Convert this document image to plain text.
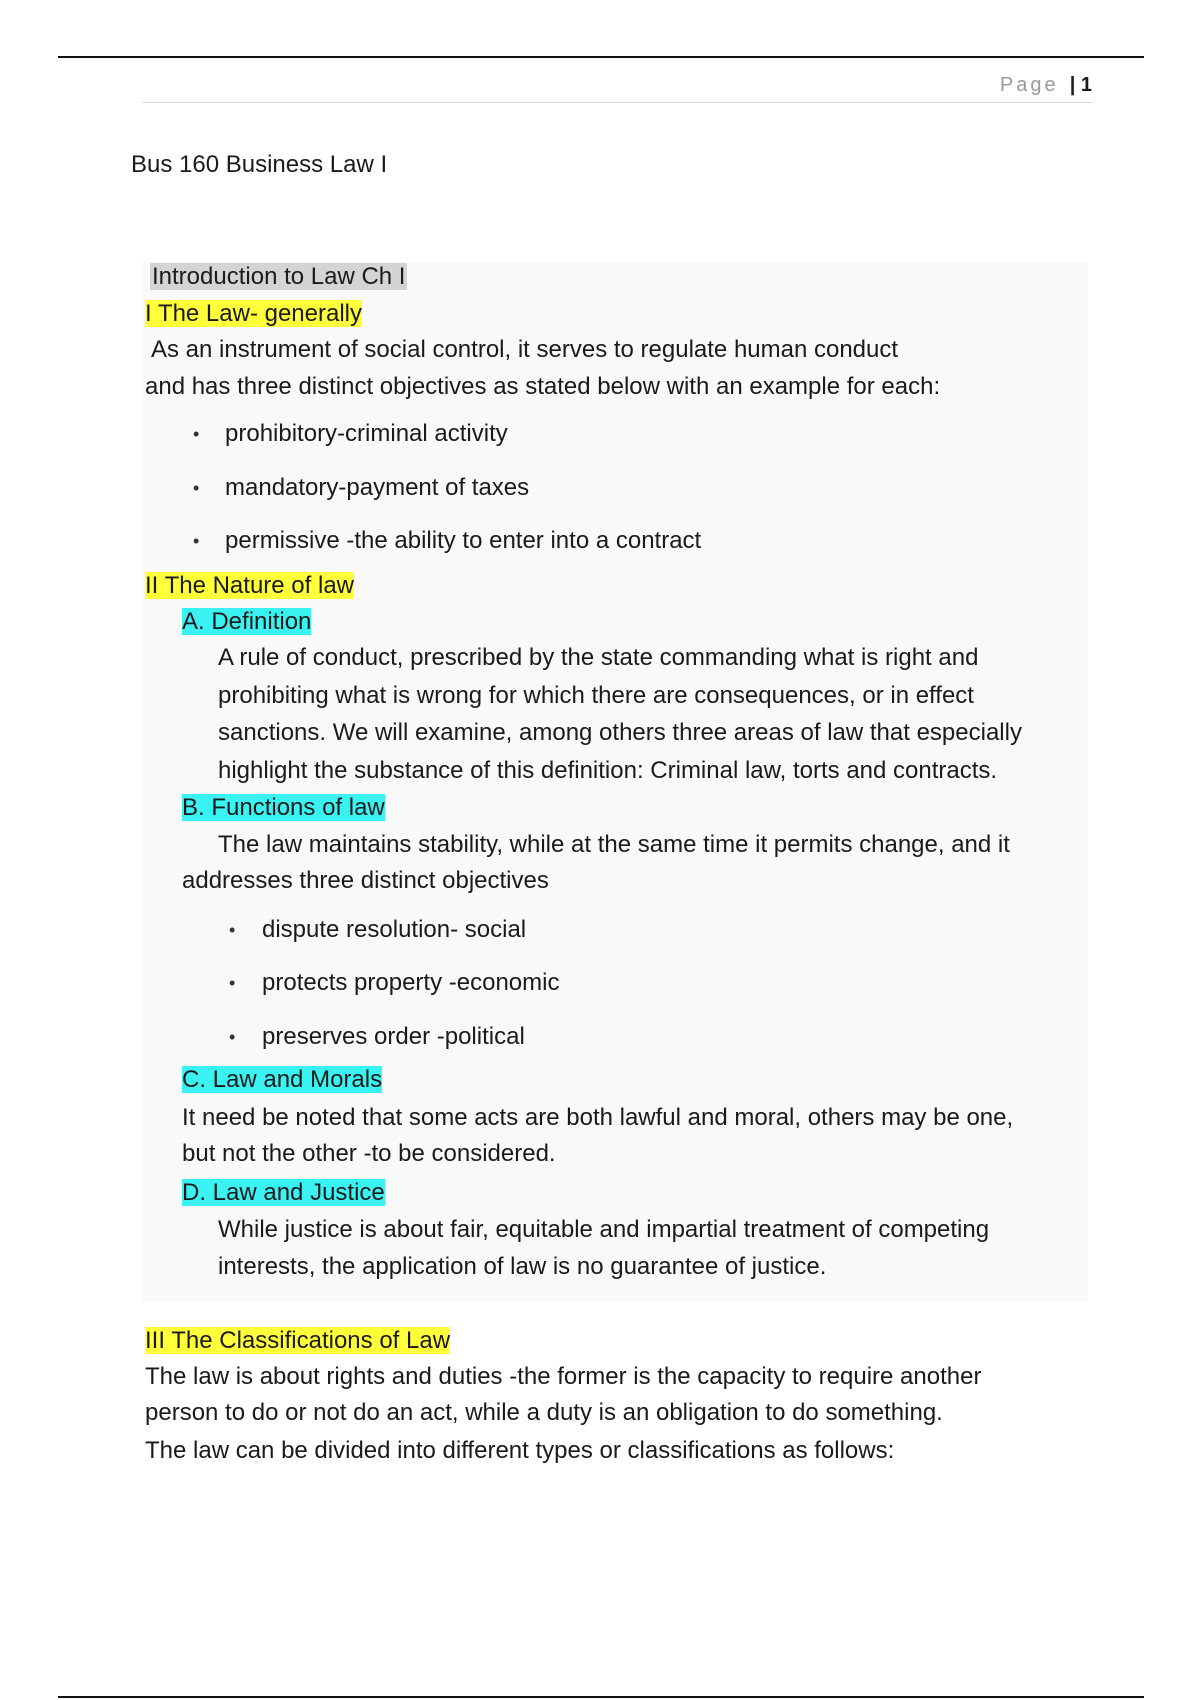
Page  | 1
Bus 160 Business Law I
Introduction to Law Ch I
I The Law- generally
As an instrument of social control, it serves to regulate human conduct
and has three distinct objectives as stated below with an example for each:
• prohibitory-criminal activity
• mandatory-payment of taxes
• permissive -the ability to enter into a contract
II The Nature of law
A. Definition
A rule of conduct, prescribed by the state commanding what is right and
prohibiting what is wrong for which there are consequences, or in effect
sanctions. We will examine, among others three areas of law that especially
highlight the substance of this definition: Criminal law, torts and contracts.
B. Functions of law
The law maintains stability, while at the same time it permits change, and it
addresses three distinct objectives
• dispute resolution- social
• protects property -economic
• preserves order -political
C. Law and Morals
It need be noted that some acts are both lawful and moral, others may be one,
but not the other -to be considered.
D. Law and Justice
While justice is about fair, equitable and impartial treatment of competing
interests, the application of law is no guarantee of justice.
III The Classifications of Law
The law is about rights and duties -the former is the capacity to require another
person to do or not do an act, while a duty is an obligation to do something.
The law can be divided into different types or classifications as follows:
